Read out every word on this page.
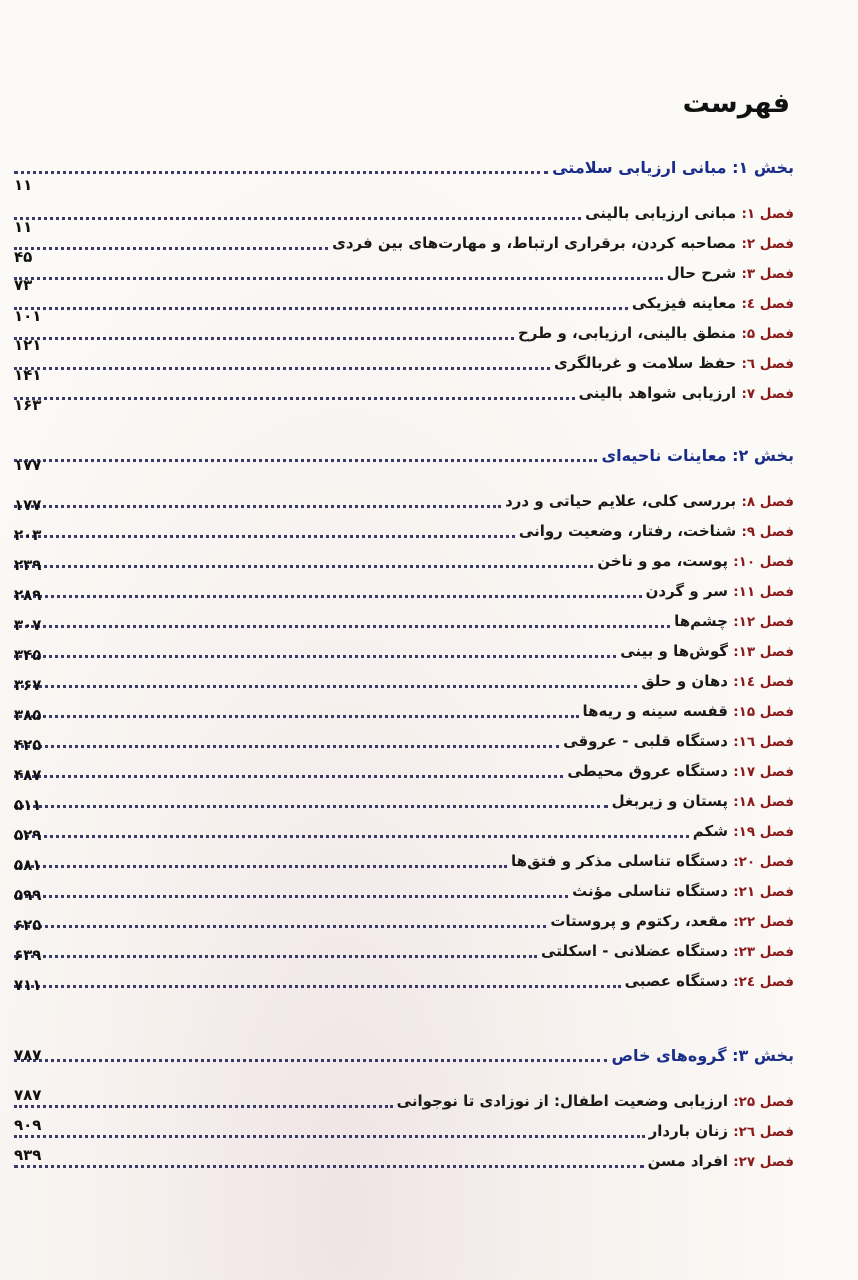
فهرست
بخش ۱: مبانی ارزیابی سلامتی
فصل ۱: مبانی ارزیابی بالینی
فصل ۲: مصاحبه کردن، برقراری ارتباط، و مهارت‌های بین فردی
فصل ۳: شرح حال
فصل ٤: معاینه فیزیکی
فصل ۵: منطق بالینی، ارزیابی، و طرح
فصل ٦: حفظ سلامت و غربالگری
فصل ۷: ارزیابی شواهد بالینی
بخش ۲: معاینات ناحیه‌ای
فصل ۸: بررسی کلی، علایم حیاتی و درد
فصل ۹: شناخت، رفتار، وضعیت روانی
فصل ۱۰: پوست، مو و ناخن
فصل ۱۱: سر و گردن
فصل ۱۲: چشم‌ها
فصل ۱۳: گوش‌ها و بینی
فصل ١٤: دهان و حلق
فصل ۱۵: قفسه سینه و ریه‌ها
فصل ١٦: دستگاه قلبی - عروقی
فصل ۱۷: دستگاه عروق محیطی
فصل ۱۸: پستان و زیربغل
فصل ۱۹: شکم
فصل ۲۰: دستگاه تناسلی مذکر و فتق‌ها
فصل ۲۱: دستگاه تناسلی مؤنث
فصل ۲۲: مقعد، رکتوم و پروستات
فصل ۲۳: دستگاه عضلانی - اسکلتی
فصل ۲٤: دستگاه عصبی
بخش ۳: گروه‌های خاص
فصل ۲۵: ارزیابی وضعیت اطفال: از نوزادی تا نوجوانی
فصل ٢٦: زنان باردار
فصل ۲۷: افراد مسن
۱۱
۱۱
۴۵
۷۳
۱۰۱
۱۲۱
۱۴۱
۱۶۳
۱۷۷
۱۷۷
۲۰۳
۲۳۹
۲۸۹
۳۰۷
۳۴۵
۳۶۷
۳۸۵
۴۲۵
۴۸۷
۵۱۱
۵۲۹
۵۸۱
۵۹۹
۶۲۵
۶۳۹
۷۱۱
۷۸۷
۷۸۷
۹۰۹
۹۳۹
